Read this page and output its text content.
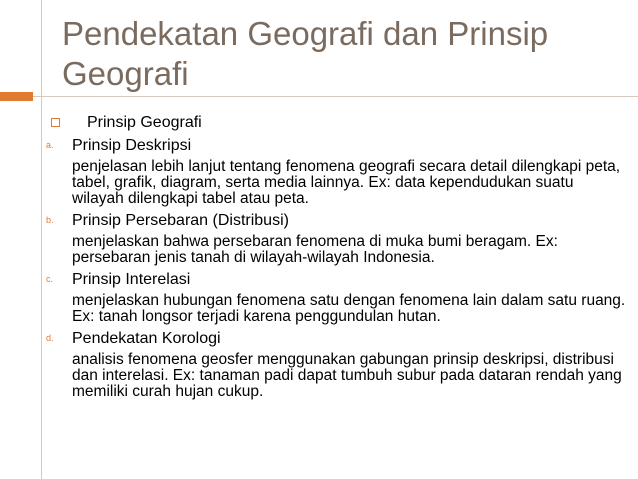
Pendekatan Geografi dan Prinsip Geografi
Prinsip Geografi
a. Prinsip Deskripsi
penjelasan lebih lanjut tentang fenomena geografi secara detail dilengkapi peta, tabel, grafik, diagram, serta media lainnya. Ex: data kependudukan suatu wilayah dilengkapi tabel atau peta.
b. Prinsip Persebaran (Distribusi)
menjelaskan bahwa persebaran fenomena di muka bumi beragam. Ex: persebaran jenis tanah di wilayah-wilayah Indonesia.
c. Prinsip Interelasi
menjelaskan hubungan fenomena satu dengan fenomena lain dalam satu ruang. Ex: tanah longsor terjadi karena penggundulan hutan.
d. Pendekatan Korologi
analisis fenomena geosfer menggunakan gabungan prinsip deskripsi, distribusi dan interelasi. Ex: tanaman padi dapat tumbuh subur pada dataran rendah yang memiliki curah hujan cukup.
